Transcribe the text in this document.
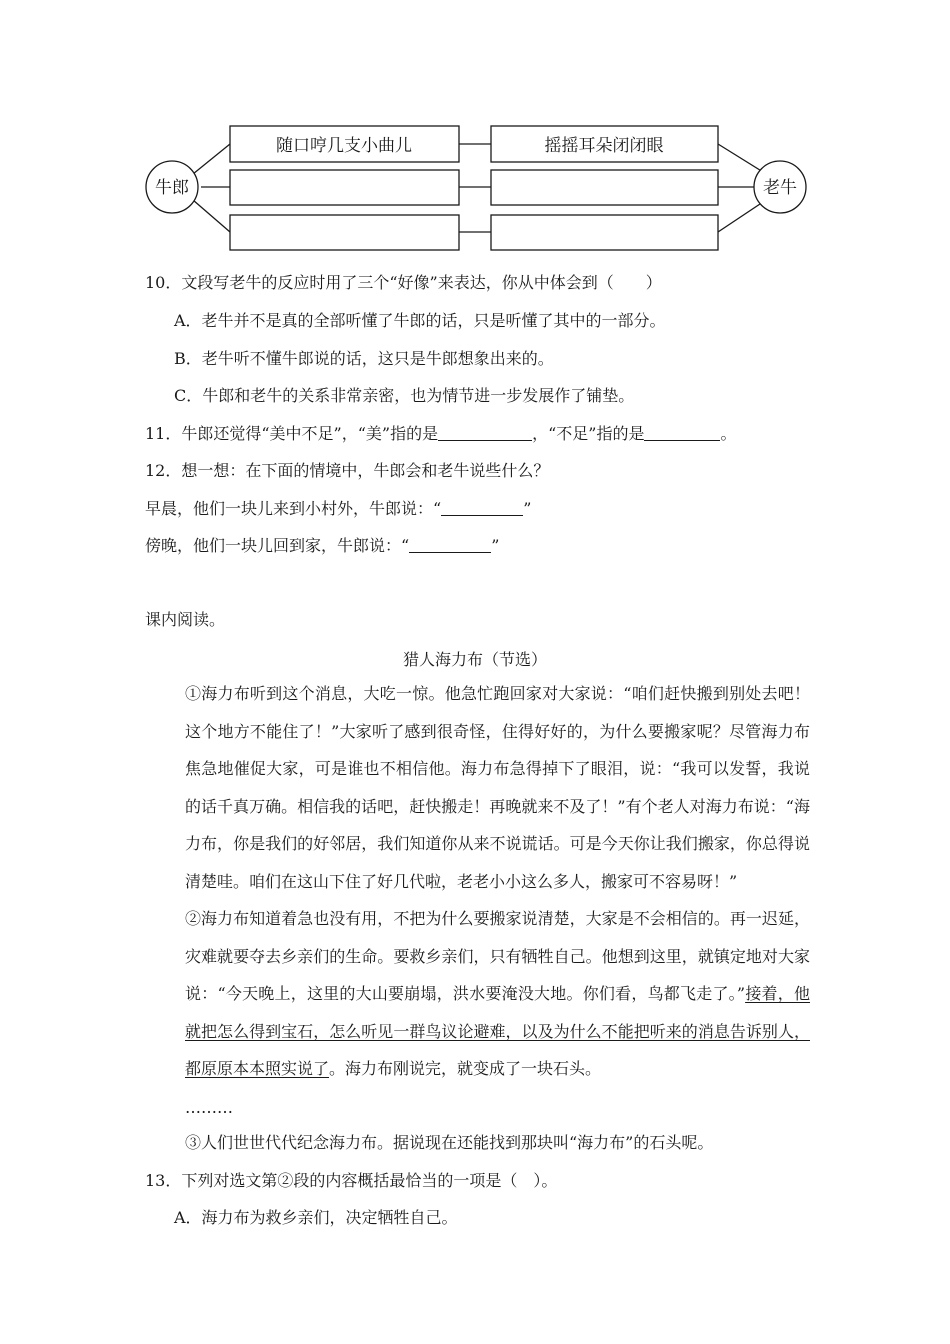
牛郎	老牛
随口哼几支小曲儿	摇摇耳朵闭闭眼
10．文段写老牛的反应时用了三个“好像”来表达，你从中体会到（　　）
A．老牛并不是真的全部听懂了牛郎的话，只是听懂了其中的一部分。
B．老牛听不懂牛郎说的话，这只是牛郎想象出来的。
C．牛郎和老牛的关系非常亲密，也为情节进一步发展作了铺垫。
11．牛郎还觉得“美中不足”，“美”指的是	，“不足”指的是	。
12．想一想：在下面的情境中，牛郎会和老牛说些什么？
早晨，他们一块儿来到小村外，牛郎说：“	”
傍晚，他们一块儿回到家，牛郎说：“	”
课内阅读。
猎人海力布（节选）
①海力布听到这个消息，大吃一惊。他急忙跑回家对大家说：“咱们赶快搬到别处去吧！这个地方不能住了！”大家听了感到很奇怪，住得好好的，为什么要搬家呢？尽管海力布焦急地催促大家，可是谁也不相信他。海力布急得掉下了眼泪，说：“我可以发誓，我说的话千真万确。相信我的话吧，赶快搬走！再晚就来不及了！”有个老人对海力布说：“海力布，你是我们的好邻居，我们知道你从来不说谎话。可是今天你让我们搬家，你总得说清楚哇。咱们在这山下住了好几代啦，老老小小这么多人，搬家可不容易呀！”
②海力布知道着急也没有用，不把为什么要搬家说清楚，大家是不会相信的。再一迟延，灾难就要夺去乡亲们的生命。要救乡亲们，只有牺牲自己。他想到这里，就镇定地对大家说：“今天晚上，这里的大山要崩塌，洪水要淹没大地。你们看，鸟都飞走了。”接着，他就把怎么得到宝石，怎么听见一群鸟议论避难，以及为什么不能把听来的消息告诉别人，都原原本本照实说了。海力布刚说完，就变成了一块石头。
………
③人们世世代代纪念海力布。据说现在还能找到那块叫“海力布”的石头呢。
13．下列对选文第②段的内容概括最恰当的一项是（　）。
A．海力布为救乡亲们，决定牺牲自己。
